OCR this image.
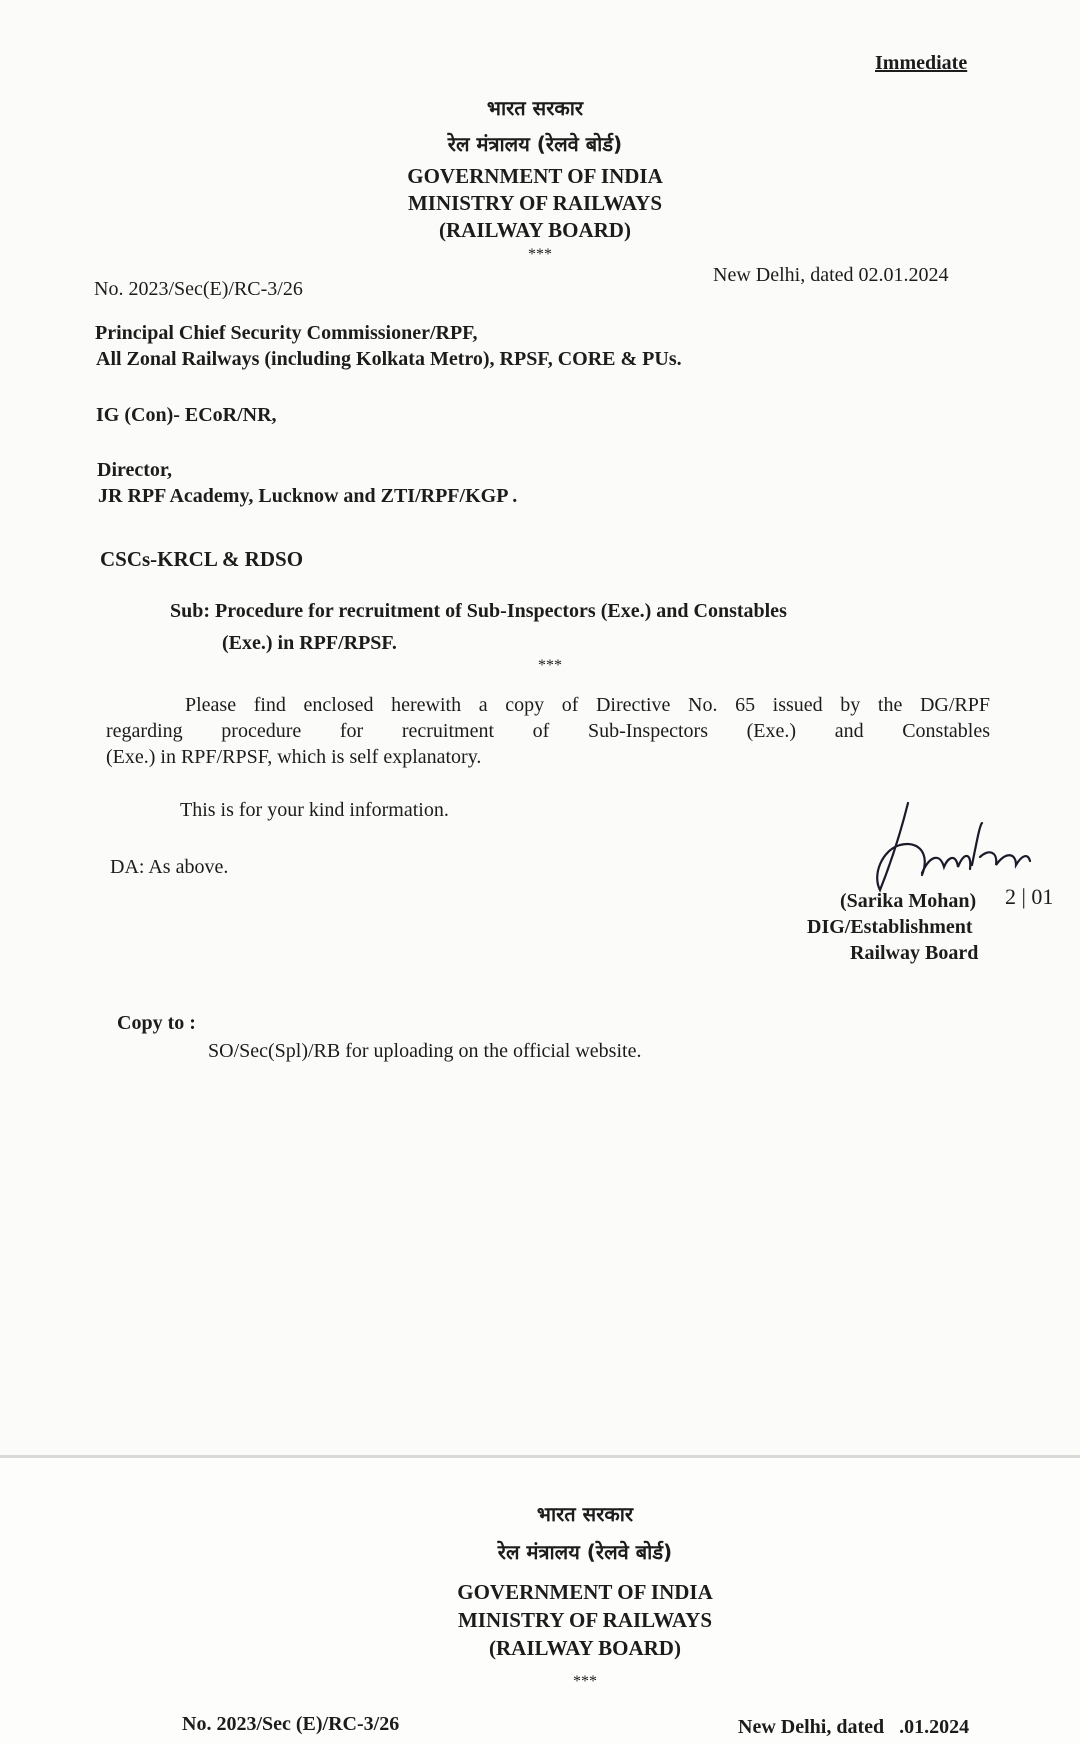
Immediate
भारत सरकार
रेल मंत्रालय (रेलवे बोर्ड)
GOVERNMENT OF INDIA
MINISTRY OF RAILWAYS
(RAILWAY BOARD)
***
No. 2023/Sec(E)/RC-3/26
New Delhi, dated 02.01.2024
Principal Chief Security Commissioner/RPF,
All Zonal Railways (including Kolkata Metro), RPSF, CORE & PUs.
IG (Con)- ECoR/NR,
Director,
JR RPF Academy, Lucknow and ZTI/RPF/KGP .
CSCs-KRCL & RDSO
Sub: Procedure for recruitment of Sub-Inspectors (Exe.) and Constables
(Exe.) in RPF/RPSF.
***
Please find enclosed herewith a copy of Directive No. 65 issued by the DG/RPF
regarding procedure for recruitment of Sub-Inspectors (Exe.) and Constables
(Exe.) in RPF/RPSF, which is self explanatory.
This is for your kind information.
DA: As above.
(Sarika Mohan) 2 | 01
DIG/Establishment
Railway Board
Copy to :
SO/Sec(Spl)/RB for uploading on the official website.
भारत सरकार
रेल मंत्रालय (रेलवे बोर्ड)
GOVERNMENT OF INDIA
MINISTRY OF RAILWAYS
(RAILWAY BOARD)
***
No. 2023/Sec (E)/RC-3/26	New Delhi, dated   .01.2024
